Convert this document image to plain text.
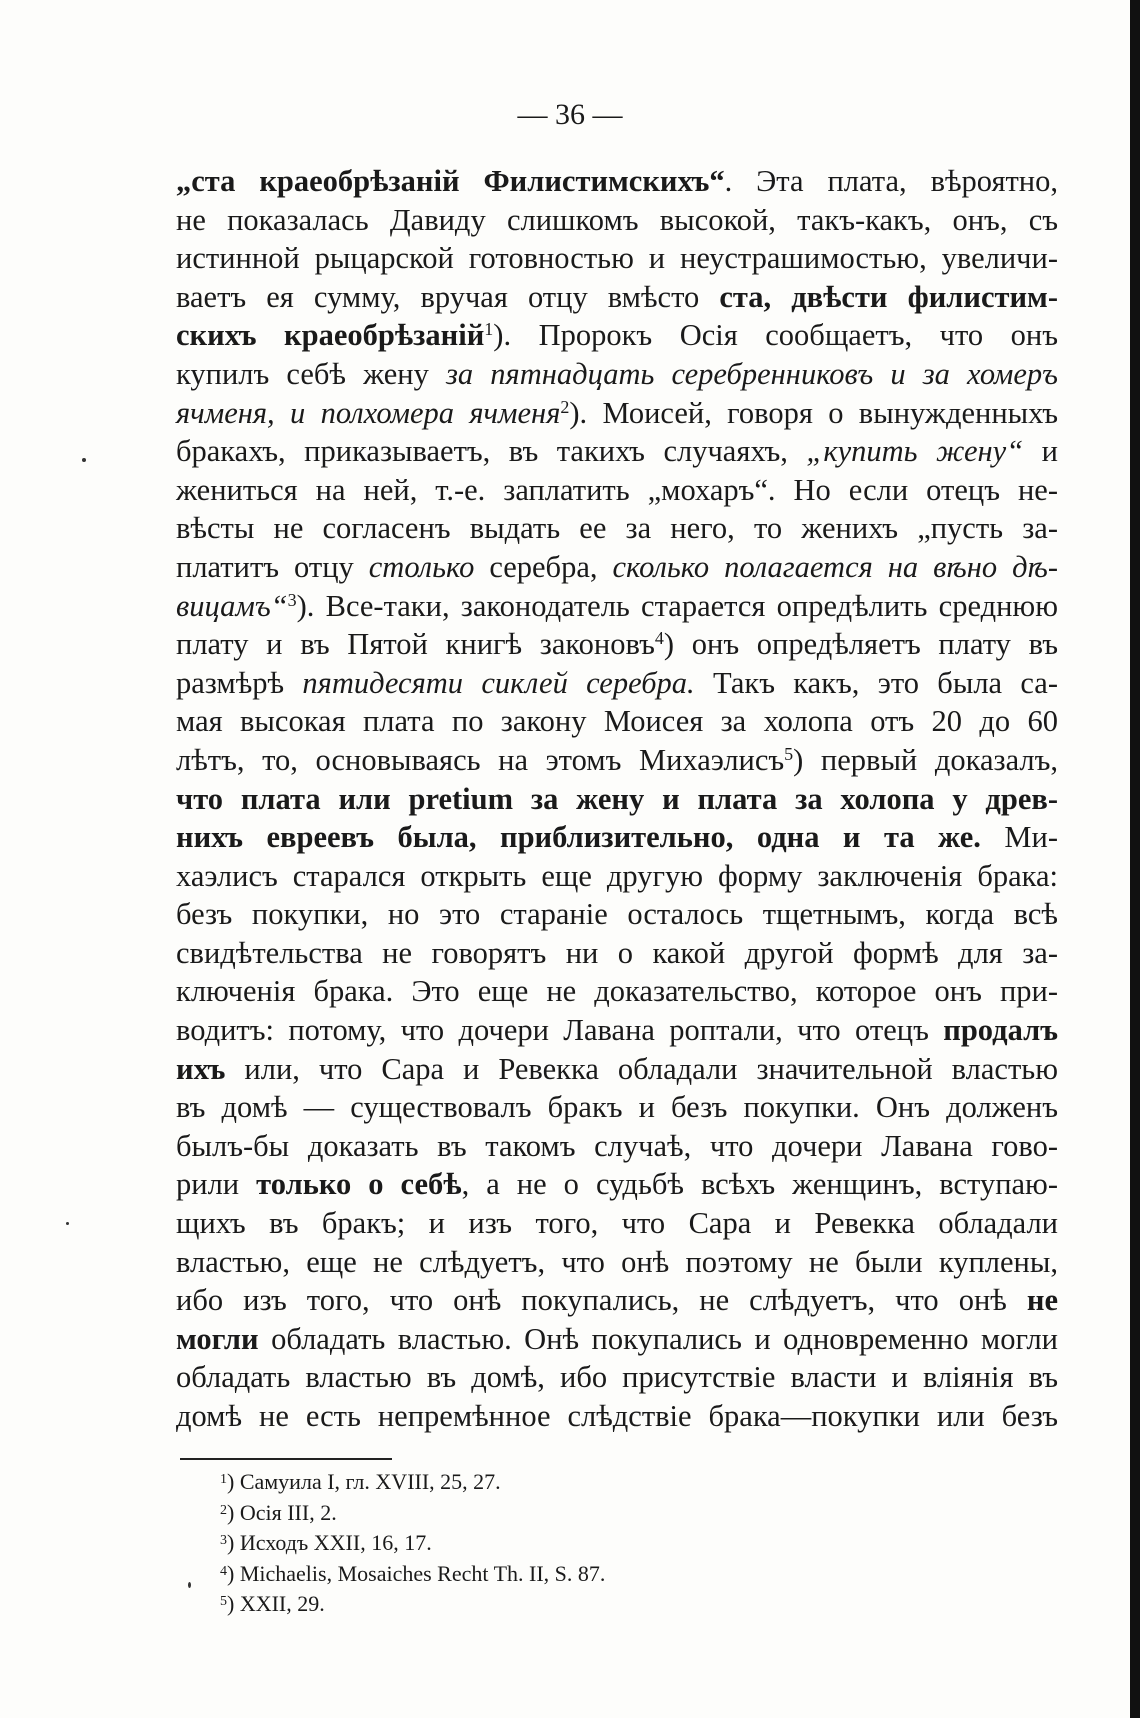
— 36 —
„ста краеобрѣзаній Филистимскихъ“. Эта плата, вѣроятно,
не показалась Давиду слишкомъ высокой, такъ-какъ, онъ, съ
истинной рыцарской готовностью и неустрашимостью, увеличи-
ваетъ ея сумму, вручая отцу вмѣсто ста, двѣсти филистим-
скихъ краеобрѣзаній$^1$). Пророкъ Осія сообщаетъ, что онъ
купилъ себѣ жену за пятнадцать серебренниковъ и за хомеръ
ячменя, и полхомера ячменя$^2$). Моисей, говоря о вынужденныхъ
бракахъ, приказываетъ, въ такихъ случаяхъ, „купить жену“ и
жениться на ней, т.-е. заплатить „мохаръ“. Но если отецъ не-
вѣсты не согласенъ выдать ее за него, то женихъ „пусть за-
платитъ отцу столько серебра, сколько полагается на вѣно дѣ-
вицамъ“$^3$). Все-таки, законодатель старается опредѣлить среднюю
плату и въ Пятой книгѣ законовъ$^4$) онъ опредѣляетъ плату въ
размѣрѣ пятидесяти сиклей серебра. Такъ какъ, это была са-
мая высокая плата по закону Моисея за холопа отъ 20 до 60
лѣтъ, то, основываясь на этомъ Михаэлисъ$^5$) первый доказалъ,
что плата или pretium за жену и плата за холопа у древ-
нихъ евреевъ была, приблизительно, одна и та же. Ми-
хаэлисъ старался открыть еще другую форму заключенія брака:
безъ покупки, но это стараніе осталось тщетнымъ, когда всѣ
свидѣтельства не говорятъ ни о какой другой формѣ для за-
ключенія брака. Это еще не доказательство, которое онъ при-
водитъ: потому, что дочери Лавана роптали, что отецъ продалъ
ихъ или, что Сара и Ревекка обладали значительной властью
въ домѣ — существовалъ бракъ и безъ покупки. Онъ долженъ
былъ-бы доказать въ такомъ случаѣ, что дочери Лавана гово-
рили только о себѣ, а не о судьбѣ всѣхъ женщинъ, вступаю-
щихъ въ бракъ; и изъ того, что Сара и Ревекка обладали
властью, еще не слѣдуетъ, что онѣ поэтому не были куплены,
ибо изъ того, что онѣ покупались, не слѣдуетъ, что онѣ не
могли обладать властью. Онѣ покупались и одновременно могли
обладать властью въ домѣ, ибо присутствіе власти и вліянія въ
домѣ не есть непремѣнное слѣдствіе брака—покупки или безъ
$^1$) Самуила I, гл. XVIII, 25, 27.
$^2$) Осія III, 2.
$^3$) Исходъ XXII, 16, 17.
$^4$) Michaelis, Mosaiches Recht Th. II, S. 87.
$^5$) XXII, 29.
